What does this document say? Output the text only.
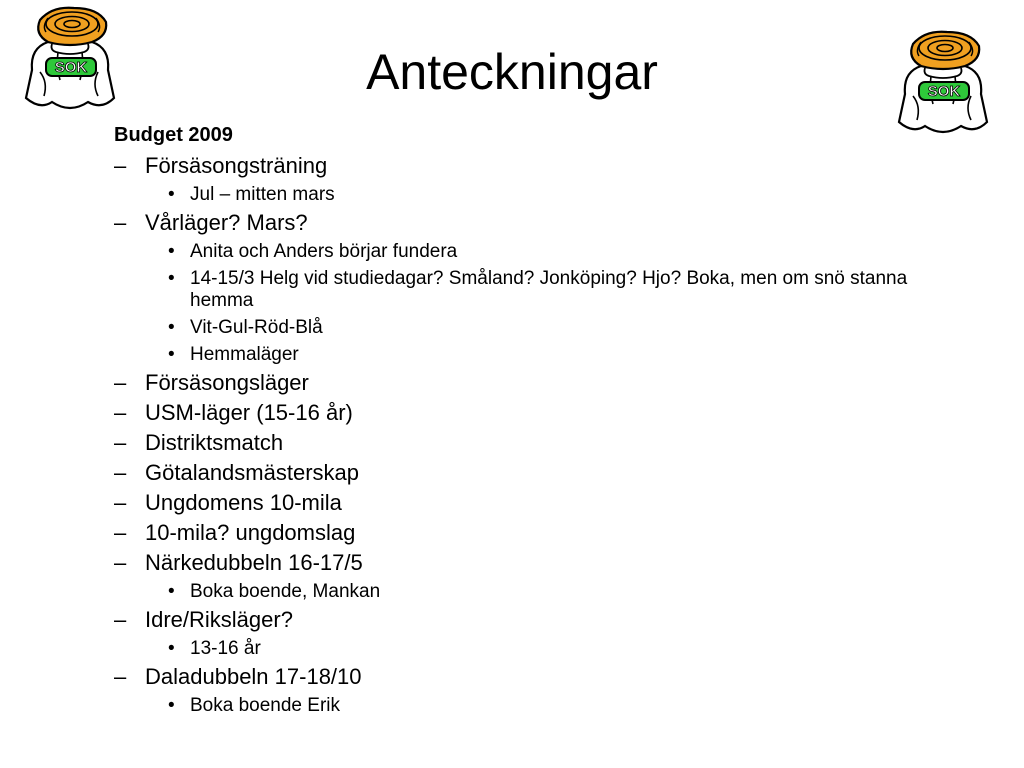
SOK
SOK
Anteckningar
Budget 2009
– Försäsongsträning
• Jul – mitten mars
– Vårläger? Mars?
• Anita och Anders börjar fundera
• 14-15/3 Helg vid studiedagar? Småland? Jonköping? Hjo? Boka, men om snö stanna hemma
• Vit-Gul-Röd-Blå
• Hemmaläger
– Försäsongsläger
– USM-läger (15-16 år)
– Distriktsmatch
– Götalandsmästerskap
– Ungdomens 10-mila
– 10-mila? ungdomslag
– Närkedubbeln 16-17/5
• Boka boende, Mankan
– Idre/Riksläger?
• 13-16 år
– Daladubbeln 17-18/10
• Boka boende Erik
